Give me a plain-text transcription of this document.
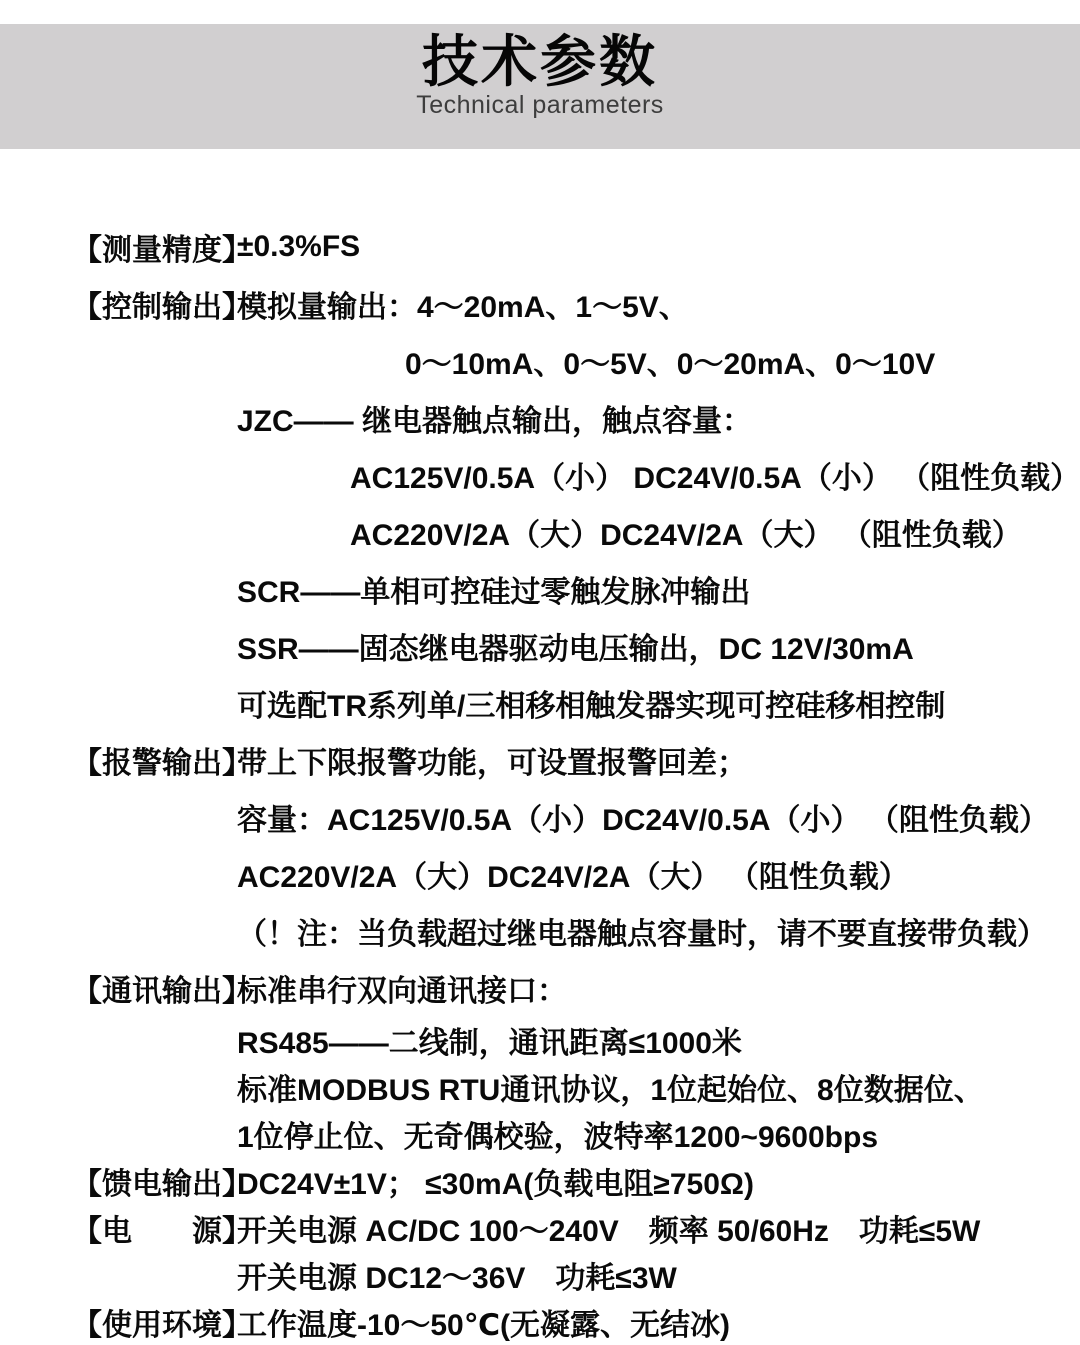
技术参数
Technical parameters
【测量精度】
±0.3%FS
【控制输出】
模拟量输出：4～20mA、1～5V、
0～10mA、0～5V、0～20mA、0～10V
JZC—— 继电器触点输出，触点容量：
AC125V/0.5A（小） DC24V/0.5A（小） （阻性负载）
AC220V/2A（大）DC24V/2A（大） （阻性负载）
SCR——单相可控硅过零触发脉冲输出
SSR——固态继电器驱动电压输出，DC 12V/30mA
可选配TR系列单/三相移相触发器实现可控硅移相控制
【报警输出】
带上下限报警功能，可设置报警回差；
容量：AC125V/0.5A（小）DC24V/0.5A（小） （阻性负载）
AC220V/2A（大）DC24V/2A（大） （阻性负载）
（！注：当负载超过继电器触点容量时，请不要直接带负载）
【通讯输出】
标准串行双向通讯接口：
RS485——二线制，通讯距离≤1000米
标准MODBUS RTU通讯协议，1位起始位、8位数据位、
1位停止位、无奇偶校验，波特率1200~9600bps
【馈电输出】
DC24V±1V； ≤30mA(负载电阻≥750Ω)
【电　　源】
开关电源 AC/DC 100～240V　频率 50/60Hz　功耗≤5W
开关电源 DC12～36V　功耗≤3W
【使用环境】
工作温度-10～50℃(无凝露、无结冰)
